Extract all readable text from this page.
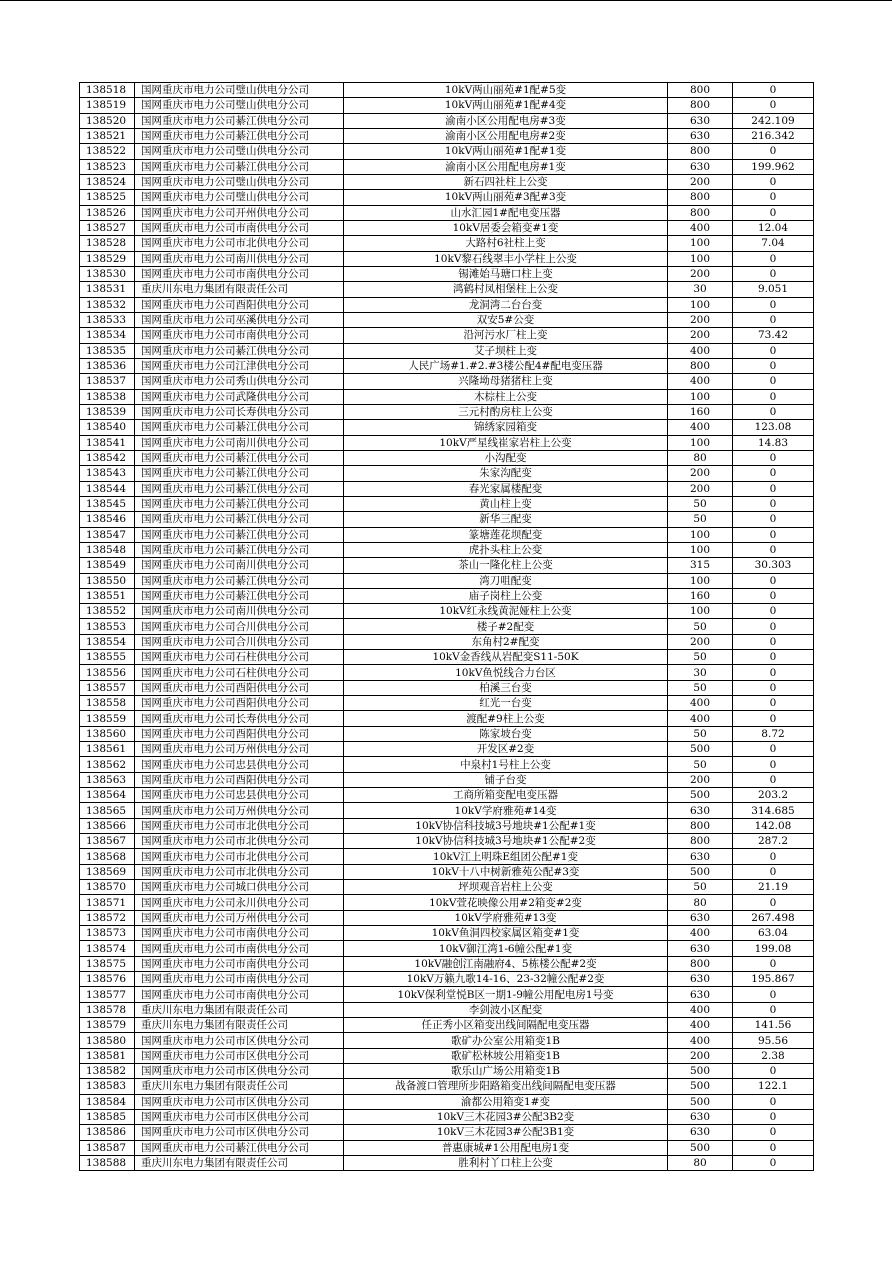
138518	国网重庆市电力公司璧山供电分公司	10kV两山丽苑#1配#5变	800	0
138519	国网重庆市电力公司璧山供电分公司	10kV两山丽苑#1配#4变	800	0
138520	国网重庆市电力公司綦江供电分公司	渝南小区公用配电房#3变	630	242.109
138521	国网重庆市电力公司綦江供电分公司	渝南小区公用配电房#2变	630	216.342
138522	国网重庆市电力公司璧山供电分公司	10kV两山丽苑#1配#1变	800	0
138523	国网重庆市电力公司綦江供电分公司	渝南小区公用配电房#1变	630	199.962
138524	国网重庆市电力公司璧山供电分公司	新石四社柱上公变	200	0
138525	国网重庆市电力公司璧山供电分公司	10kV两山丽苑#3配#3变	800	0
138526	国网重庆市电力公司开州供电分公司	山水汇园1#配电变压器	800	0
138527	国网重庆市电力公司市南供电分公司	10kV居委会箱变#1变	400	12.04
138528	国网重庆市电力公司市北供电分公司	大路村6社柱上变	100	7.04
138529	国网重庆市电力公司南川供电分公司	10kV黎石线翠丰小学柱上公变	100	0
138530	国网重庆市电力公司市南供电分公司	锡滩始马瑭口柱上变	200	0
138531	重庆川东电力集团有限责任公司	鸿鹤村凤相堡柱上公变	30	9.051
138532	国网重庆市电力公司酉阳供电分公司	龙洞湾二台台变	100	0
138533	国网重庆市电力公司巫溪供电分公司	双安5#公变	200	0
138534	国网重庆市电力公司市南供电分公司	沿河污水厂柱上变	200	73.42
138535	国网重庆市电力公司綦江供电分公司	艾子坝柱上变	400	0
138536	国网重庆市电力公司江津供电分公司	人民广场#1.#2.#3楼公配4#配电变压器	800	0
138537	国网重庆市电力公司秀山供电分公司	兴隆坳母猪猪柱上变	400	0
138538	国网重庆市电力公司武隆供电分公司	木棕柱上公变	100	0
138539	国网重庆市电力公司长寿供电分公司	三元村酌房柱上公变	160	0
138540	国网重庆市电力公司綦江供电分公司	锦绣家园箱变	400	123.08
138541	国网重庆市电力公司南川供电分公司	10kV严星线崔家岩柱上公变	100	14.83
138542	国网重庆市电力公司綦江供电分公司	小沟配变	80	0
138543	国网重庆市电力公司綦江供电分公司	朱家沟配变	200	0
138544	国网重庆市电力公司綦江供电分公司	春光家属楼配变	200	0
138545	国网重庆市电力公司綦江供电分公司	黄山柱上变	50	0
138546	国网重庆市电力公司綦江供电分公司	新华三配变	50	0
138547	国网重庆市电力公司綦江供电分公司	篆塘莲花坝配变	100	0
138548	国网重庆市电力公司綦江供电分公司	虎扑头柱上公变	100	0
138549	国网重庆市电力公司南川供电分公司	茶山一隆化柱上公变	315	30.303
138550	国网重庆市电力公司綦江供电分公司	湾刀咀配变	100	0
138551	国网重庆市电力公司綦江供电分公司	庙子岗柱上公变	160	0
138552	国网重庆市电力公司南川供电分公司	10kV红永线黄泥娅柱上公变	100	0
138553	国网重庆市电力公司合川供电分公司	楼子#2配变	50	0
138554	国网重庆市电力公司合川供电分公司	东角村2#配变	200	0
138555	国网重庆市电力公司石柱供电分公司	10kV金香线从岩配变S11-50K	50	0
138556	国网重庆市电力公司石柱供电分公司	10kV鱼悦线合力台区	30	0
138557	国网重庆市电力公司酉阳供电分公司	柏溪三台变	50	0
138558	国网重庆市电力公司酉阳供电分公司	红光一台变	400	0
138559	国网重庆市电力公司长寿供电分公司	渡配#9柱上公变	400	0
138560	国网重庆市电力公司酉阳供电分公司	陈家坡台变	50	8.72
138561	国网重庆市电力公司万州供电分公司	开发区#2变	500	0
138562	国网重庆市电力公司忠县供电分公司	中泉村1号柱上公变	50	0
138563	国网重庆市电力公司酉阳供电分公司	铺子台变	200	0
138564	国网重庆市电力公司忠县供电分公司	工商所箱变配电变压器	500	203.2
138565	国网重庆市电力公司万州供电分公司	10kV学府雅苑#14变	630	314.685
138566	国网重庆市电力公司市北供电分公司	10kV协信科技城3号地块#1公配#1变	800	142.08
138567	国网重庆市电力公司市北供电分公司	10kV协信科技城3号地块#1公配#2变	800	287.2
138568	国网重庆市电力公司市北供电分公司	10kV江上明珠E组团公配#1变	630	0
138569	国网重庆市电力公司市北供电分公司	10kV十八中树新雅苑公配#3变	500	0
138570	国网重庆市电力公司城口供电分公司	坪坝观音岩柱上公变	50	21.19
138571	国网重庆市电力公司永川供电分公司	10kV萱花映像公用#2箱变#2变	80	0
138572	国网重庆市电力公司万州供电分公司	10kV学府雅苑#13变	630	267.498
138573	国网重庆市电力公司市南供电分公司	10kV鱼洞四校家属区箱变#1变	400	63.04
138574	国网重庆市电力公司市南供电分公司	10kV御江湾1-6幢公配#1变	630	199.08
138575	国网重庆市电力公司市南供电分公司	10kV融创江南融府4、5栋楼公配#2变	800	0
138576	国网重庆市电力公司市南供电分公司	10kV万籁九歌14-16、23-32幢公配#2变	630	195.867
138577	国网重庆市电力公司市南供电分公司	10kV保利堂悦B区一期1-9幢公用配电房1号变	630	0
138578	重庆川东电力集团有限责任公司	李剑波小区配变	400	0
138579	重庆川东电力集团有限责任公司	任正秀小区箱变出线间隔配电变压器	400	141.56
138580	国网重庆市电力公司市区供电分公司	歌矿办公室公用箱变1B	400	95.56
138581	国网重庆市电力公司市区供电分公司	歌矿松林坡公用箱变1B	200	2.38
138582	国网重庆市电力公司市区供电分公司	歌乐山广场公用箱变1B	500	0
138583	重庆川东电力集团有限责任公司	战备渡口管理所步阳路箱变出线间隔配电变压器	500	122.1
138584	国网重庆市电力公司市区供电分公司	渝都公用箱变1#变	500	0
138585	国网重庆市电力公司市区供电分公司	10kV三木花园3#公配3B2变	630	0
138586	国网重庆市电力公司市区供电分公司	10kV三木花园3#公配3B1变	630	0
138587	国网重庆市电力公司綦江供电分公司	普惠康城#1公用配电房1变	500	0
138588	重庆川东电力集团有限责任公司	胜利村丫口柱上公变	80	0
